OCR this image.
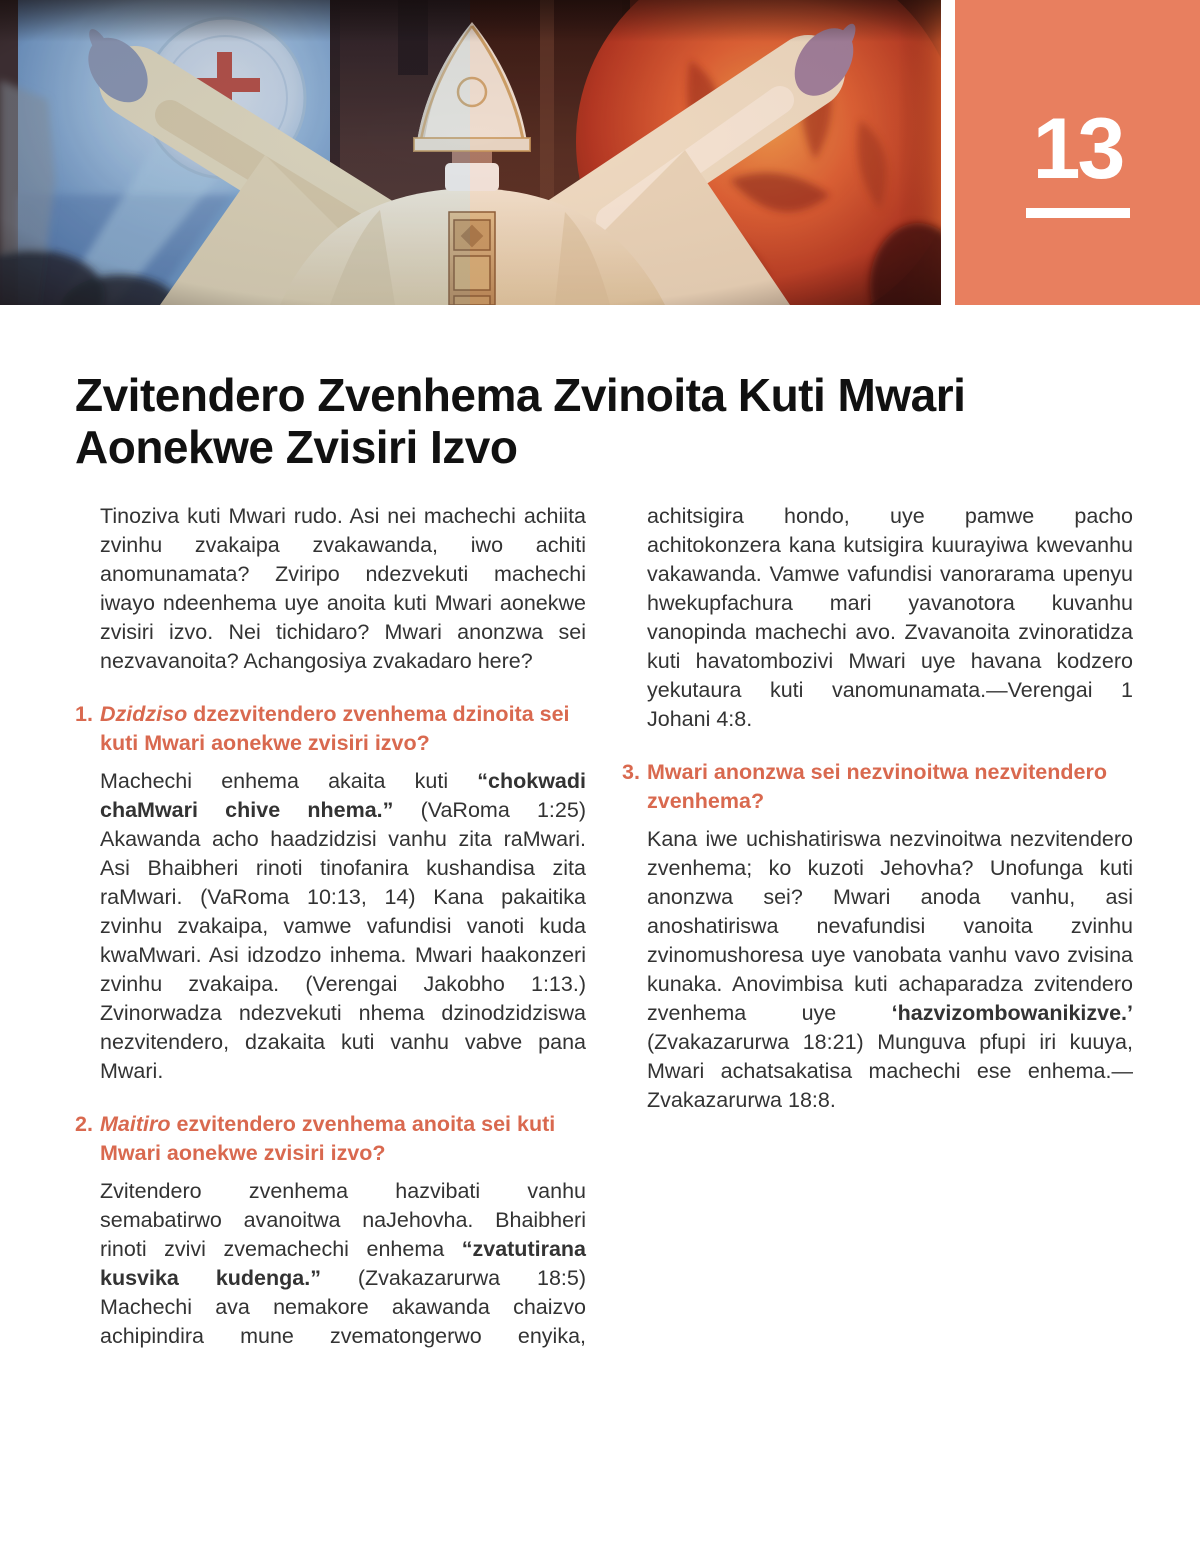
13
Zvitendero Zvenhema Zvinoita Kuti Mwari Aonekwe Zvisiri Izvo

Tinoziva kuti Mwari rudo. Asi nei machechi achiita zvinhu zvakaipa zvakawanda, iwo achiti anomunamata? Zviripo ndezvekuti machechi iwayo ndeenhema uye anoita kuti Mwari aonekwe zvisiri izvo. Nei tichidaro? Mwari anonzwa sei nezvavanoita? Achangosiya zvakadaro here?

1. Dzidziso dzezvitendero zvenhema dzinoita sei kuti Mwari aonekwe zvisiri izvo?

Machechi enhema akaita kuti “chokwadi chaMwari chive nhema.” (VaRoma 1:25) Akawanda acho haadzidzisi vanhu zita raMwari. Asi Bhaibheri rinoti tinofanira kushandisa zita raMwari. (VaRoma 10:13, 14) Kana pakaitika zvinhu zvakaipa, vamwe vafundisi vanoti kuda kwaMwari. Asi idzodzo inhema. Mwari haakonzeri zvinhu zvakaipa. (Verengai Jakobho 1:13.) Zvinorwadza ndezvekuti nhema dzinodzidziswa nezvitendero, dzakaita kuti vanhu vabve pana Mwari.

2. Maitiro ezvitendero zvenhema anoita sei kuti Mwari aonekwe zvisiri izvo?

Zvitendero zvenhema hazvibati vanhu semabatirwo avanoitwa naJehovha. Bhaibheri rinoti zvivi zvemachechi enhema “zvatutirana kusvika kudenga.” (Zvakazarurwa 18:5) Machechi ava nemakore akawanda chaizvo achipindira mune zvematongerwo enyika, achitsigira hondo, uye pamwe pacho achitokonzera kana kutsigira kuurayiwa kwevanhu vakawanda. Vamwe vafundisi vanorarama upenyu hwekupfachura mari yavanotora kuvanhu vanopinda machechi avo. Zvavanoita zvinoratidza kuti havatombozivi Mwari uye havana kodzero yekutaura kuti vanomunamata.—Verengai 1 Johani 4:8.

3. Mwari anonzwa sei nezvinoitwa nezvitendero zvenhema?

Kana iwe uchishatiriswa nezvinoitwa nezvitendero zvenhema; ko kuzoti Jehovha? Unofunga kuti anonzwa sei? Mwari anoda vanhu, asi anoshatiriswa nevafundisi vanoita zvinhu zvinomushoresa uye vanobata vanhu vavo zvisina kunaka. Anovimbisa kuti achaparadza zvitendero zvenhema uye ‘hazvizombowanikizve.’ (Zvakazarurwa 18:21) Munguva pfupi iri kuuya, Mwari achatsakatisa machechi ese enhema.—Zvakazarurwa 18:8.
